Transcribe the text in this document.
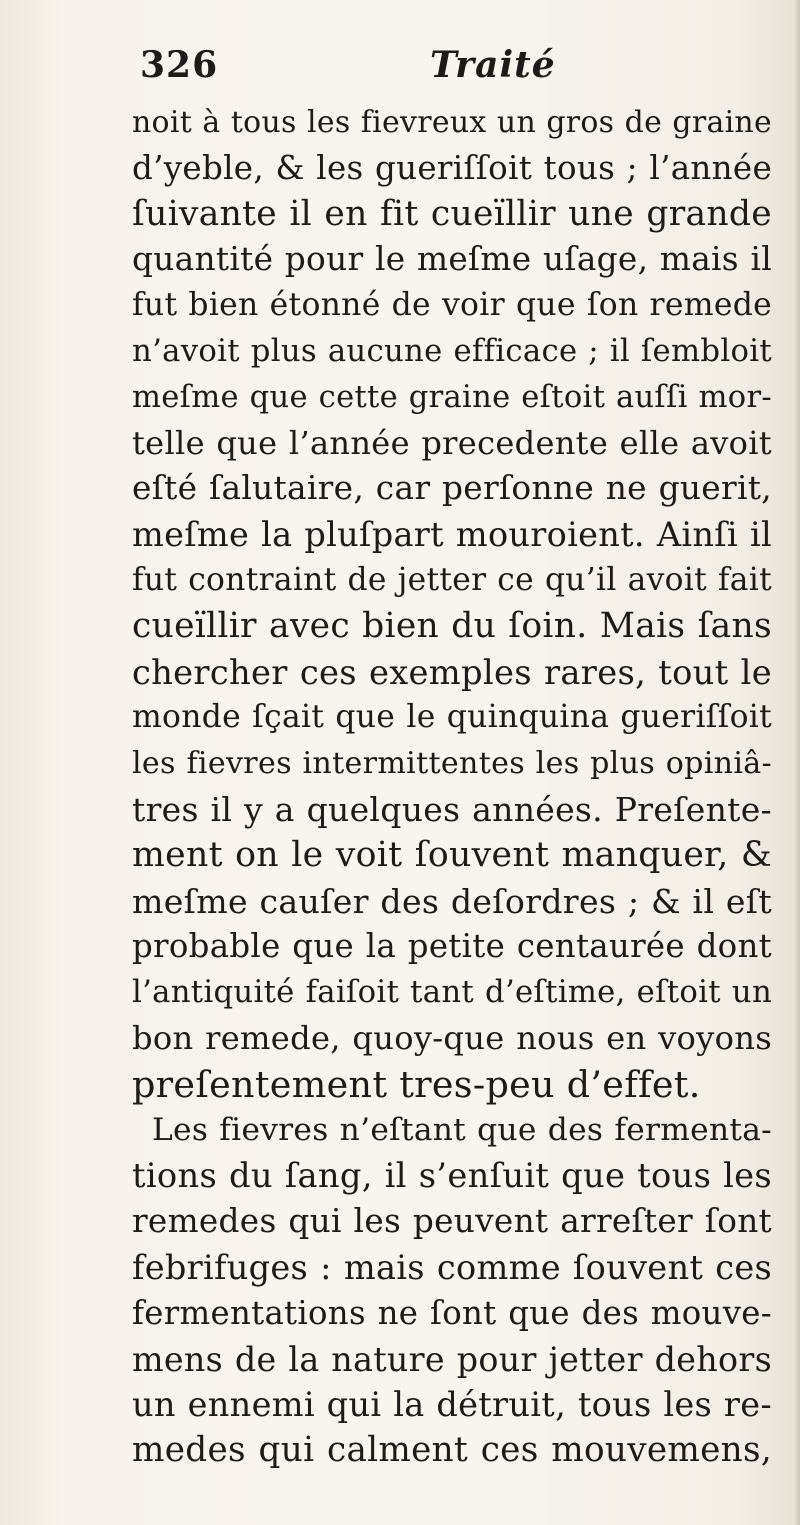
326	Traité
noit à tous les fievreux un gros de graine
d’yeble, & les gueriſſoit tous ; l’année
ſuivante il en fit cueïllir une grande
quantité pour le meſme uſage, mais il
fut bien étonné de voir que ſon remede
n’avoit plus aucune efficace ; il ſembloit
meſme que cette graine eſtoit auſſi mor-
telle que l’année precedente elle avoit
eſté ſalutaire, car perſonne ne guerit,
meſme la pluſpart mouroient. Ainſi il
fut contraint de jetter ce qu’il avoit fait
cueïllir avec bien du ſoin. Mais ſans
chercher ces exemples rares, tout le
monde ſçait que le quinquina gueriſſoit
les fievres intermittentes les plus opiniâ-
tres il y a quelques années. Preſente-
ment on le voit ſouvent manquer, &
meſme cauſer des deſordres ; & il eſt
probable que la petite centaurée dont
l’antiquité faiſoit tant d’eſtime, eſtoit un
bon remede, quoy-que nous en voyons
preſentement tres-peu d’effet.
Les fievres n’eſtant que des fermenta-
tions du ſang, il s’enſuit que tous les
remedes qui les peuvent arreſter ſont
febrifuges : mais comme ſouvent ces
fermentations ne ſont que des mouve-
mens de la nature pour jetter dehors
un ennemi qui la détruit, tous les re-
medes qui calment ces mouvemens,
